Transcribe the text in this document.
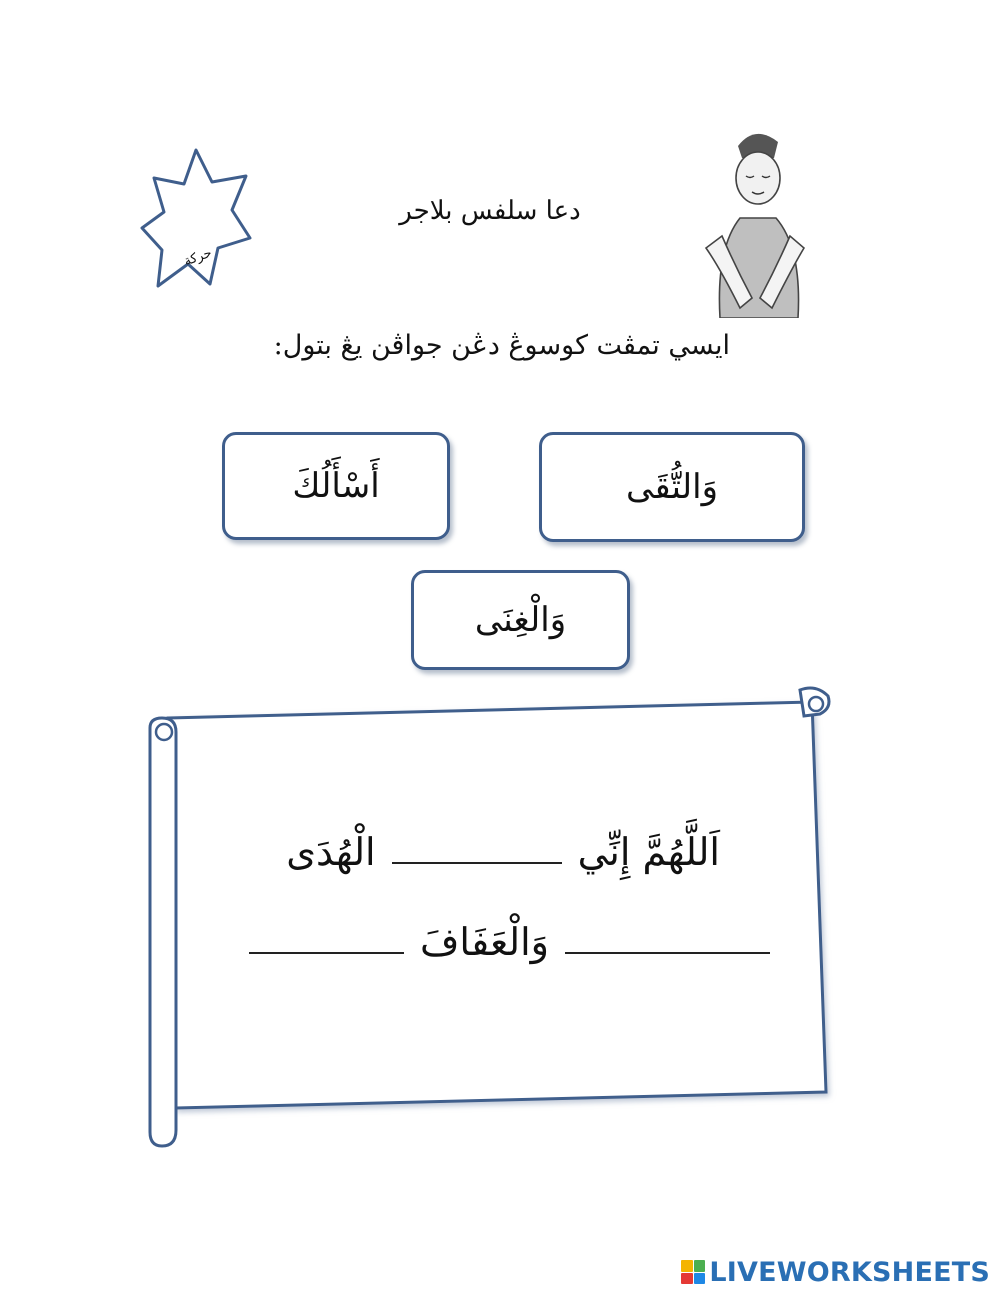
حركة
دعا سلفس بلاجر
ايسي تمڤت كوسوڠ دڠن جواڤن يڠ بتول:
أَسْأَلُكَ	وَالتُّقَى
وَالْغِنَى
اَللَّهُمَّ إِنِّي
الْهُدَى
وَالْعَفَافَ
LIVEWORKSHEETS
